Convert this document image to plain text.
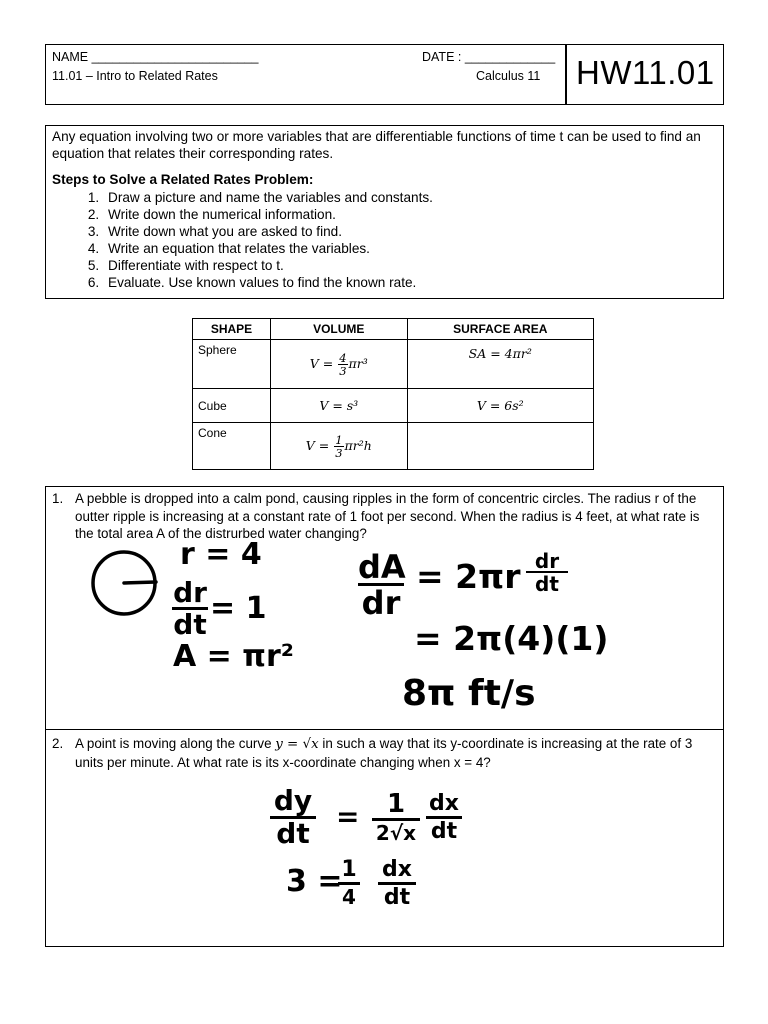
NAME ________________________	DATE : _____________
11.01 – Intro to Related Rates	Calculus 11 HW11.01

Any equation involving two or more variables that are differentiable functions of time t can be used to find an equation that relates their corresponding rates.

Steps to Solve a Related Rates Problem:

1. Draw a picture and name the variables and constants.
2. Write down the numerical information.
3. Write down what you are asked to find.
4. Write an equation that relates the variables.
5. Differentiate with respect to t.
6. Evaluate. Use known values to find the known rate.
SHAPE	VOLUME	SURFACE AREA
Sphere	$V = \frac{4}{3} \pi r^3$	SA = 4πr²
Cube	V = s³	V = 6s²
Cone	$V = \frac{1}{3} \pi r^2h$	
1. A pebble is dropped into a calm pond, causing ripples in the form of concentric circles. The radius r of the outter ripple is increasing at a constant rate of 1 foot per second. When the radius is 4 feet, at what rate is the total area A of the distrurbed water changing?
r = 4
$\frac{dr}{dt} = 1$
A = πr²
$\frac{dA}{dr} = 2\pi r \frac{dr}{dt}$
= 2π(4)(1)
8π ft/s
2. A point is moving along the curve y = √x in such a way that its y-coordinate is increasing at the rate of 3 units per minute. At what rate is its x-coordinate changing when x = 4?
$\frac{dy}{dt}$ =	1
$2√x \frac{dx}{dt}$
3 =
$\frac{1}{4} \frac{dx}{dt}$
